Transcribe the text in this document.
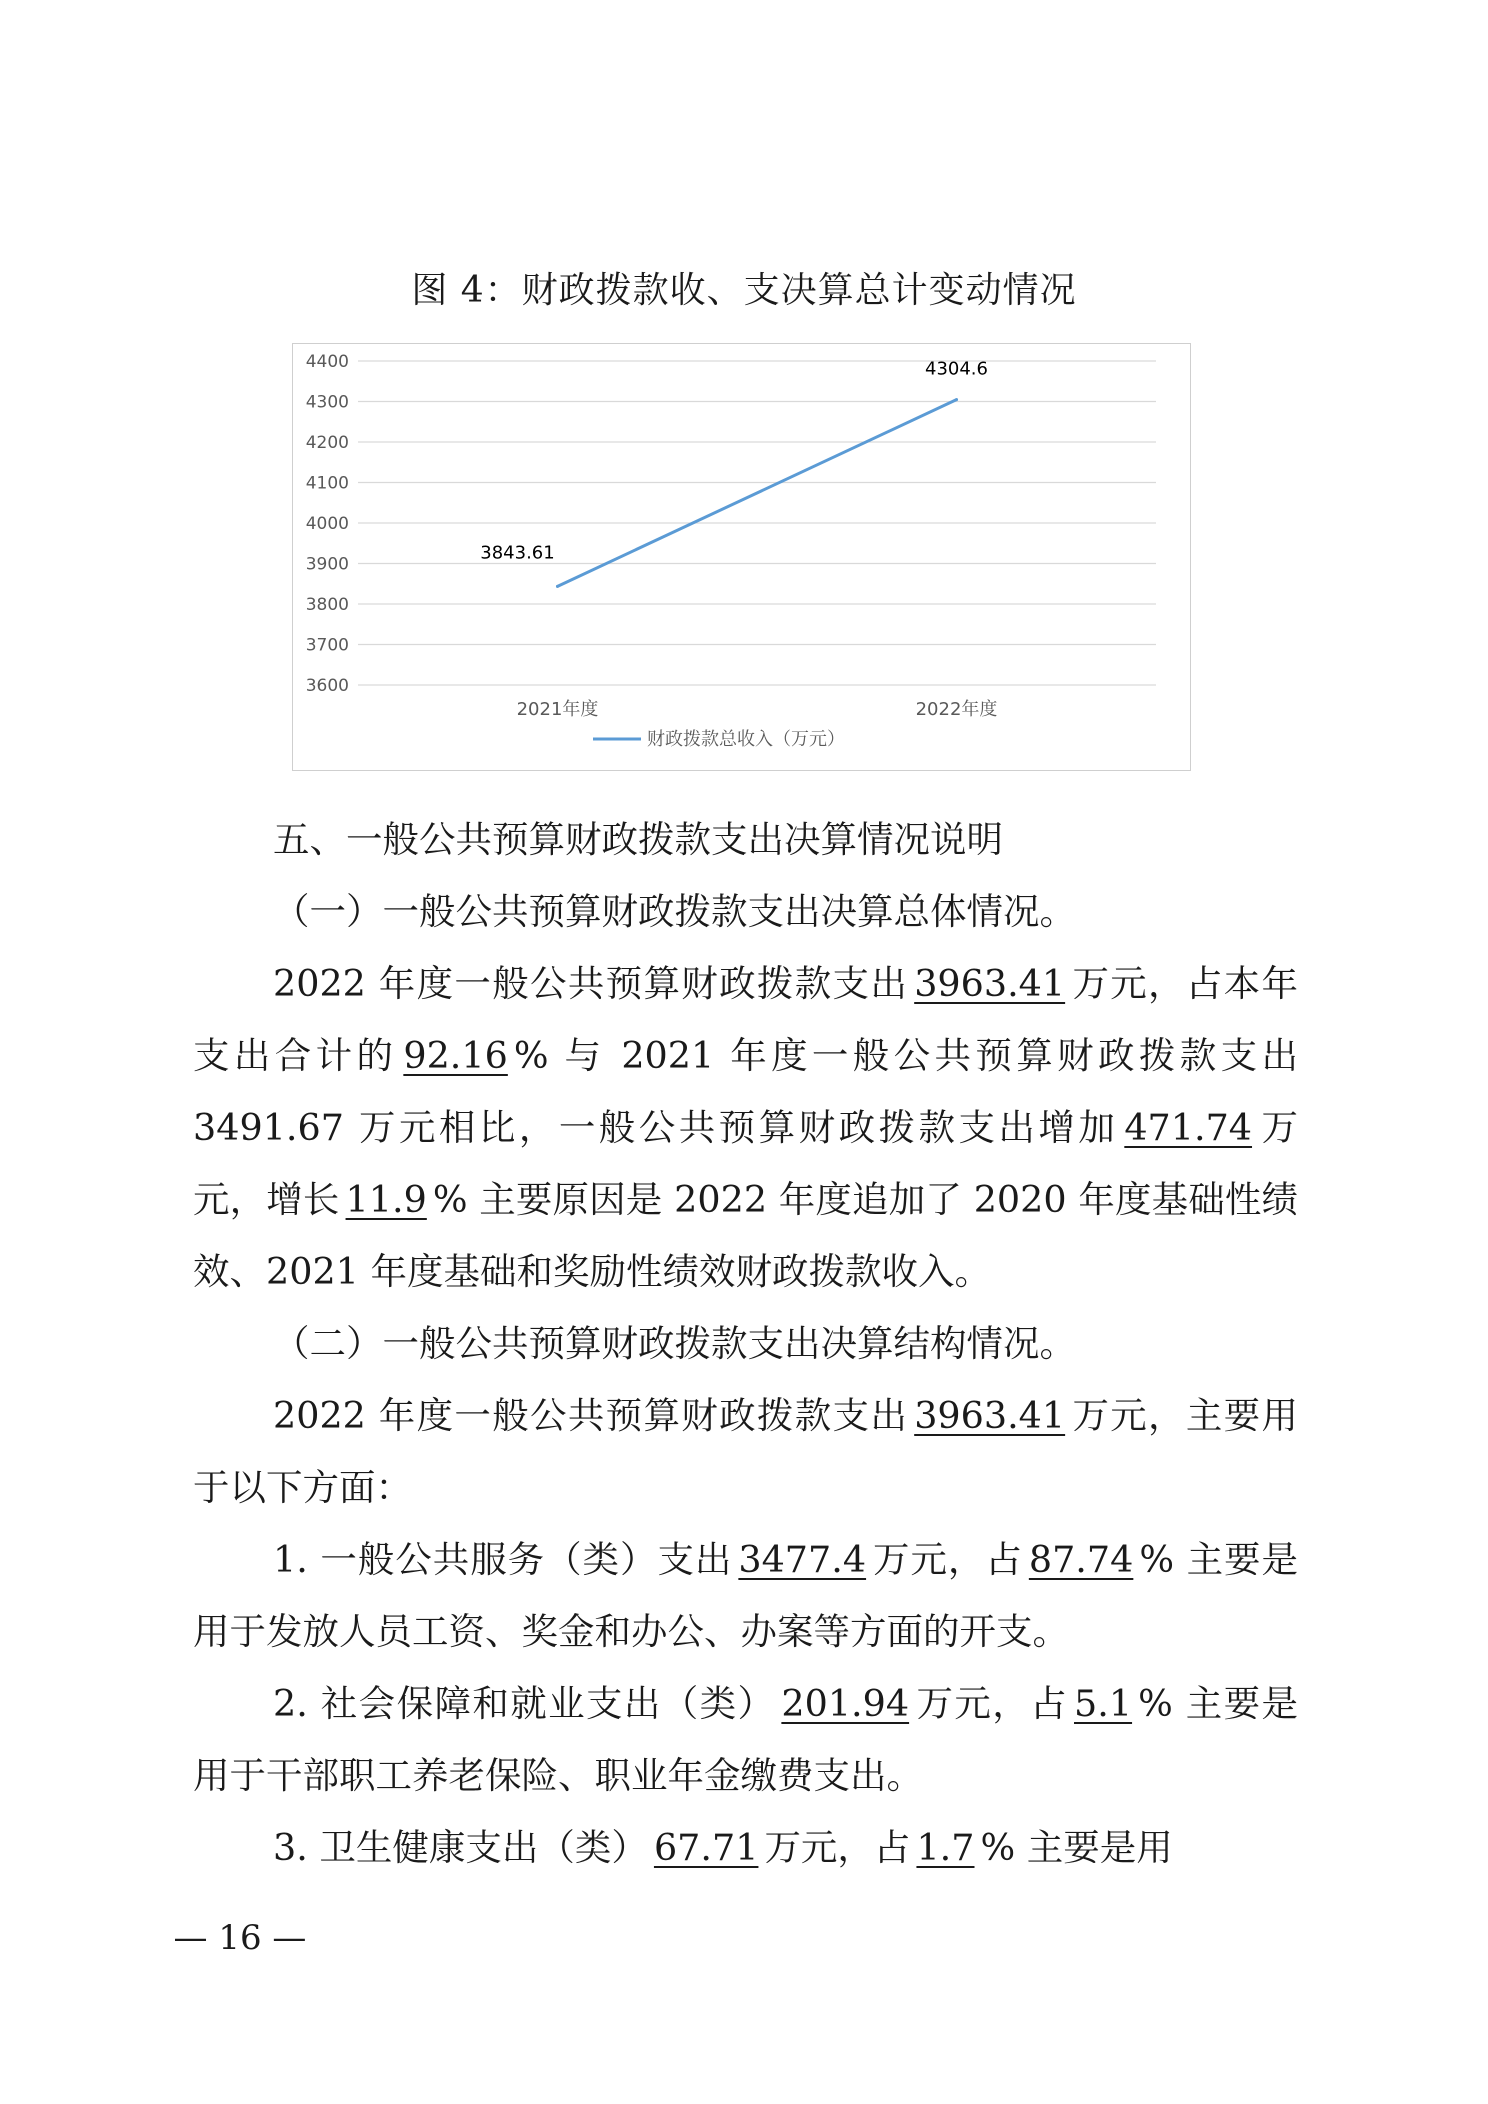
图 4：财政拨款收、支决算总计变动情况
4400
4300
4200
4100
4000
3900
3800
3700
3600
2021年度	2022年度
3843.61
4304.6
财政拨款总收入（万元）

五、一般公共预算财政拨款支出决算情况说明

（一）一般公共预算财政拨款支出决算总体情况。

2022 年度一般公共预算财政拨款支出 3963.41 万元，占本年支出合计的 92.16 % 与 2021 年度一般公共预算财政拨款支出 3491.67 万元相比，一般公共预算财政拨款支出增加 471.74 万元，增长 11.9 % 主要原因是 2022 年度追加了 2020 年度基础性绩效、2021 年度基础和奖励性绩效财政拨款收入。

（二）一般公共预算财政拨款支出决算结构情况。

2022 年度一般公共预算财政拨款支出 3963.41 万元，主要用于以下方面：

1. 一般公共服务（类）支出 3477.4 万元，占 87.74 % 主要是用于发放人员工资、奖金和办公、办案等方面的开支。

2. 社会保障和就业支出（类） 201.94 万元，占 5.1 % 主要是用于干部职工养老保险、职业年金缴费支出。

3. 卫生健康支出（类） 67.71 万元，占 1.7 % 主要是用

— 16 —
